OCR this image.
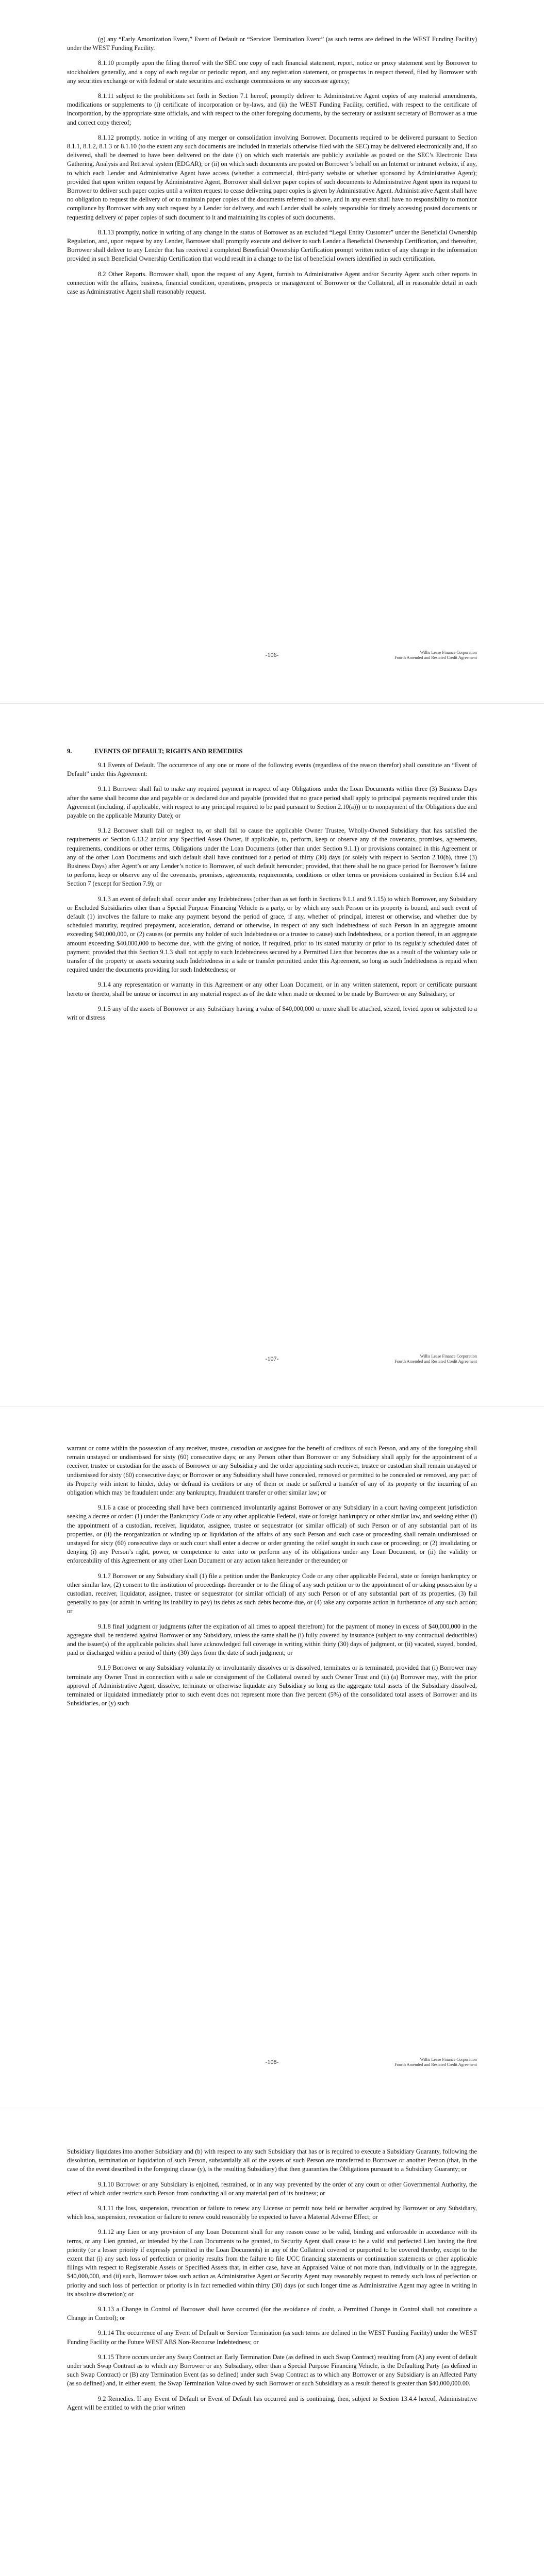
(g) any “Early Amortization Event,” Event of Default or “Servicer Termination Event” (as such terms are defined in the WEST Funding Facility) under the WEST Funding Facility.

8.1.10 promptly upon the filing thereof with the SEC one copy of each financial statement, report, notice or proxy statement sent by Borrower to stockholders generally, and a copy of each regular or periodic report, and any registration statement, or prospectus in respect thereof, filed by Borrower with any securities exchange or with federal or state securities and exchange commissions or any successor agency;

8.1.11 subject to the prohibitions set forth in Section 7.1 hereof, promptly deliver to Administrative Agent copies of any material amendments, modifications or supplements to (i) certificate of incorporation or by-laws, and (ii) the WEST Funding Facility, certified, with respect to the certificate of incorporation, by the appropriate state officials, and with respect to the other foregoing documents, by the secretary or assistant secretary of Borrower as a true and correct copy thereof;

8.1.12 promptly, notice in writing of any merger or consolidation involving Borrower. Documents required to be delivered pursuant to Section 8.1.1, 8.1.2, 8.1.3 or 8.1.10 (to the extent any such documents are included in materials otherwise filed with the SEC) may be delivered electronically and, if so delivered, shall be deemed to have been delivered on the date (i) on which such materials are publicly available as posted on the SEC’s Electronic Data Gathering, Analysis and Retrieval system (EDGAR); or (ii) on which such documents are posted on Borrower’s behalf on an Internet or intranet website, if any, to which each Lender and Administrative Agent have access (whether a commercial, third-party website or whether sponsored by Administrative Agent); provided that upon written request by Administrative Agent, Borrower shall deliver paper copies of such documents to Administrative Agent upon its request to Borrower to deliver such paper copies until a written request to cease delivering paper copies is given by Administrative Agent. Administrative Agent shall have no obligation to request the delivery of or to maintain paper copies of the documents referred to above, and in any event shall have no responsibility to monitor compliance by Borrower with any such request by a Lender for delivery, and each Lender shall be solely responsible for timely accessing posted documents or requesting delivery of paper copies of such document to it and maintaining its copies of such documents.

8.1.13 promptly, notice in writing of any change in the status of Borrower as an excluded “Legal Entity Customer” under the Beneficial Ownership Regulation, and, upon request by any Lender, Borrower shall promptly execute and deliver to such Lender a Beneficial Ownership Certification, and thereafter, Borrower shall deliver to any Lender that has received a completed Beneficial Ownership Certification prompt written notice of any change in the information provided in such Beneficial Ownership Certification that would result in a change to the list of beneficial owners identified in such certification.

8.2 Other Reports. Borrower shall, upon the request of any Agent, furnish to Administrative Agent and/or Security Agent such other reports in connection with the affairs, business, financial condition, operations, prospects or management of Borrower or the Collateral, all in reasonable detail in each case as Administrative Agent shall reasonably request.

-106-	Willis Lease Finance Corporation
Fourth Amended and Restated Credit Agreement
9.	EVENTS OF DEFAULT; RIGHTS AND REMEDIES

9.1 Events of Default. The occurrence of any one or more of the following events (regardless of the reason therefor) shall constitute an “Event of Default” under this Agreement:

9.1.1 Borrower shall fail to make any required payment in respect of any Obligations under the Loan Documents within three (3) Business Days after the same shall become due and payable or is declared due and payable (provided that no grace period shall apply to principal payments required under this Agreement (including, if applicable, with respect to any principal required to be paid pursuant to Section 2.10(a))) or to nonpayment of the Obligations due and payable on the applicable Maturity Date); or

9.1.2 Borrower shall fail or neglect to, or shall fail to cause the applicable Owner Trustee, Wholly-Owned Subsidiary that has satisfied the requirements of Section 6.13.2 and/or any Specified Asset Owner, if applicable, to, perform, keep or observe any of the covenants, promises, agreements, requirements, conditions or other terms, Obligations under the Loan Documents (other than under Section 9.1.1) or provisions contained in this Agreement or any of the other Loan Documents and such default shall have continued for a period of thirty (30) days (or solely with respect to Section 2.10(b), three (3) Business Days) after Agent’s or any Lender’s notice to Borrower, of such default hereunder; provided, that there shall be no grace period for Borrower’s failure to perform, keep or observe any of the covenants, promises, agreements, requirements, conditions or other terms or provisions contained in Section 6.14 and Section 7 (except for Section 7.9); or

9.1.3 an event of default shall occur under any Indebtedness (other than as set forth in Sections 9.1.1 and 9.1.15) to which Borrower, any Subsidiary or Excluded Subsidiaries other than a Special Purpose Financing Vehicle is a party, or by which any such Person or its property is bound, and such event of default (1) involves the failure to make any payment beyond the period of grace, if any, whether of principal, interest or otherwise, and whether due by scheduled maturity, required prepayment, acceleration, demand or otherwise, in respect of any such Indebtedness of such Person in an aggregate amount exceeding $40,000,000, or (2) causes (or permits any holder of such Indebtedness or a trustee to cause) such Indebtedness, or a portion thereof, in an aggregate amount exceeding $40,000,000 to become due, with the giving of notice, if required, prior to its stated maturity or prior to its regularly scheduled dates of payment; provided that this Section 9.1.3 shall not apply to such Indebtedness secured by a Permitted Lien that becomes due as a result of the voluntary sale or transfer of the property or assets securing such Indebtedness in a sale or transfer permitted under this Agreement, so long as such Indebtedness is repaid when required under the documents providing for such Indebtedness; or

9.1.4 any representation or warranty in this Agreement or any other Loan Document, or in any written statement, report or certificate pursuant hereto or thereto, shall be untrue or incorrect in any material respect as of the date when made or deemed to be made by Borrower or any Subsidiary; or

9.1.5 any of the assets of Borrower or any Subsidiary having a value of $40,000,000 or more shall be attached, seized, levied upon or subjected to a writ or distress

-107-	Willis Lease Finance Corporation
Fourth Amended and Restated Credit Agreement

warrant or come within the possession of any receiver, trustee, custodian or assignee for the benefit of creditors of such Person, and any of the foregoing shall remain unstayed or undismissed for sixty (60) consecutive days; or any Person other than Borrower or any Subsidiary shall apply for the appointment of a receiver, trustee or custodian for the assets of Borrower or any Subsidiary and the order appointing such receiver, trustee or custodian shall remain unstayed or undismissed for sixty (60) consecutive days; or Borrower or any Subsidiary shall have concealed, removed or permitted to be concealed or removed, any part of its Property with intent to hinder, delay or defraud its creditors or any of them or made or suffered a transfer of any of its property or the incurring of an obligation which may be fraudulent under any bankruptcy, fraudulent transfer or other similar law; or

9.1.6 a case or proceeding shall have been commenced involuntarily against Borrower or any Subsidiary in a court having competent jurisdiction seeking a decree or order: (1) under the Bankruptcy Code or any other applicable Federal, state or foreign bankruptcy or other similar law, and seeking either (i) the appointment of a custodian, receiver, liquidator, assignee, trustee or sequestrator (or similar official) of such Person or of any substantial part of its properties, or (ii) the reorganization or winding up or liquidation of the affairs of any such Person and such case or proceeding shall remain undismissed or unstayed for sixty (60) consecutive days or such court shall enter a decree or order granting the relief sought in such case or proceeding; or (2) invalidating or denying (i) any Person’s right, power, or competence to enter into or perform any of its obligations under any Loan Document, or (ii) the validity or enforceability of this Agreement or any other Loan Document or any action taken hereunder or thereunder; or

9.1.7 Borrower or any Subsidiary shall (1) file a petition under the Bankruptcy Code or any other applicable Federal, state or foreign bankruptcy or other similar law, (2) consent to the institution of proceedings thereunder or to the filing of any such petition or to the appointment of or taking possession by a custodian, receiver, liquidator, assignee, trustee or sequestrator (or similar official) of any such Person or of any substantial part of its properties, (3) fail generally to pay (or admit in writing its inability to pay) its debts as such debts become due, or (4) take any corporate action in furtherance of any such action; or

9.1.8 final judgment or judgments (after the expiration of all times to appeal therefrom) for the payment of money in excess of $40,000,000 in the aggregate shall be rendered against Borrower or any Subsidiary, unless the same shall be (i) fully covered by insurance (subject to any contractual deductibles) and the issuer(s) of the applicable policies shall have acknowledged full coverage in writing within thirty (30) days of judgment, or (ii) vacated, stayed, bonded, paid or discharged within a period of thirty (30) days from the date of such judgment; or

9.1.9 Borrower or any Subsidiary voluntarily or involuntarily dissolves or is dissolved, terminates or is terminated, provided that (i) Borrower may terminate any Owner Trust in connection with a sale or consignment of the Collateral owned by such Owner Trust and (ii) (a) Borrower may, with the prior approval of Administrative Agent, dissolve, terminate or otherwise liquidate any Subsidiary so long as the aggregate total assets of the Subsidiary dissolved, terminated or liquidated immediately prior to such event does not represent more than five percent (5%) of the consolidated total assets of Borrower and its Subsidiaries, or (y) such

-108-	Willis Lease Finance Corporation
Fourth Amended and Restated Credit Agreement

Subsidiary liquidates into another Subsidiary and (b) with respect to any such Subsidiary that has or is required to execute a Subsidiary Guaranty, following the dissolution, termination or liquidation of such Person, substantially all of the assets of such Person are transferred to Borrower or another Person (that, in the case of the event described in the foregoing clause (y), is the resulting Subsidiary) that then guaranties the Obligations pursuant to a Subsidiary Guaranty; or

9.1.10 Borrower or any Subsidiary is enjoined, restrained, or in any way prevented by the order of any court or other Governmental Authority, the effect of which order restricts such Person from conducting all or any material part of its business; or

9.1.11 the loss, suspension, revocation or failure to renew any License or permit now held or hereafter acquired by Borrower or any Subsidiary, which loss, suspension, revocation or failure to renew could reasonably be expected to have a Material Adverse Effect; or

9.1.12 any Lien or any provision of any Loan Document shall for any reason cease to be valid, binding and enforceable in accordance with its terms, or any Lien granted, or intended by the Loan Documents to be granted, to Security Agent shall cease to be a valid and perfected Lien having the first priority (or a lesser priority if expressly permitted in the Loan Documents) in any of the Collateral covered or purported to be covered thereby, except to the extent that (i) any such loss of perfection or priority results from the failure to file UCC financing statements or continuation statements or other applicable filings with respect to Registerable Assets or Specified Assets that, in either case, have an Appraised Value of not more than, individually or in the aggregate, $40,000,000, and (ii) such, Borrower takes such action as Administrative Agent or Security Agent may reasonably request to remedy such loss of perfection or priority and such loss of perfection or priority is in fact remedied within thirty (30) days (or such longer time as Administrative Agent may agree in writing in its absolute discretion); or

9.1.13 a Change in Control of Borrower shall have occurred (for the avoidance of doubt, a Permitted Change in Control shall not constitute a Change in Control); or

9.1.14 The occurrence of any Event of Default or Servicer Termination (as such terms are defined in the WEST Funding Facility) under the WEST Funding Facility or the Future WEST ABS Non-Recourse Indebtedness; or

9.1.15 There occurs under any Swap Contract an Early Termination Date (as defined in such Swap Contract) resulting from (A) any event of default under such Swap Contract as to which any Borrower or any Subsidiary, other than a Special Purpose Financing Vehicle, is the Defaulting Party (as defined in such Swap Contract) or (B) any Termination Event (as so defined) under such Swap Contract as to which any Borrower or any Subsidiary is an Affected Party (as so defined) and, in either event, the Swap Termination Value owed by such Borrower or such Subsidiary as a result thereof is greater than $40,000,000.00.

9.2 Remedies. If any Event of Default or Event of Default has occurred and is continuing, then, subject to Section 13.4.4 hereof, Administrative Agent will be entitled to with the prior written
